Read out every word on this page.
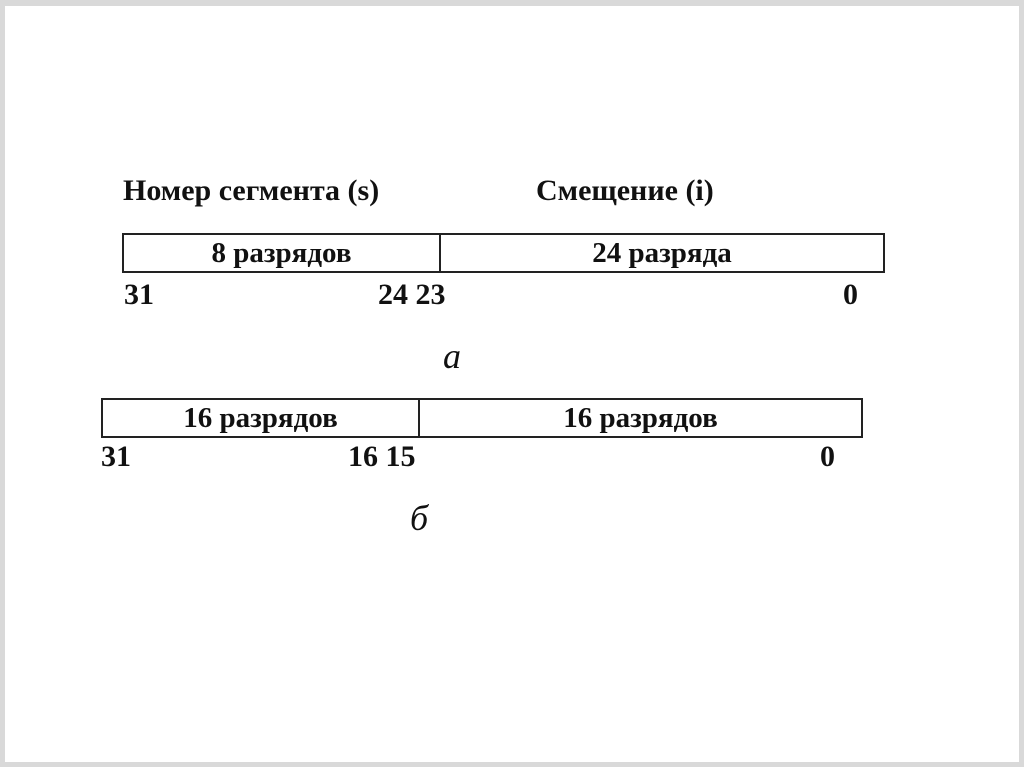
Номер сегмента (s)	Смещение (i)
8 разрядов	24 разряда
31	24 23	0
а
16 разрядов	16 разрядов
31	16 15	0
б
